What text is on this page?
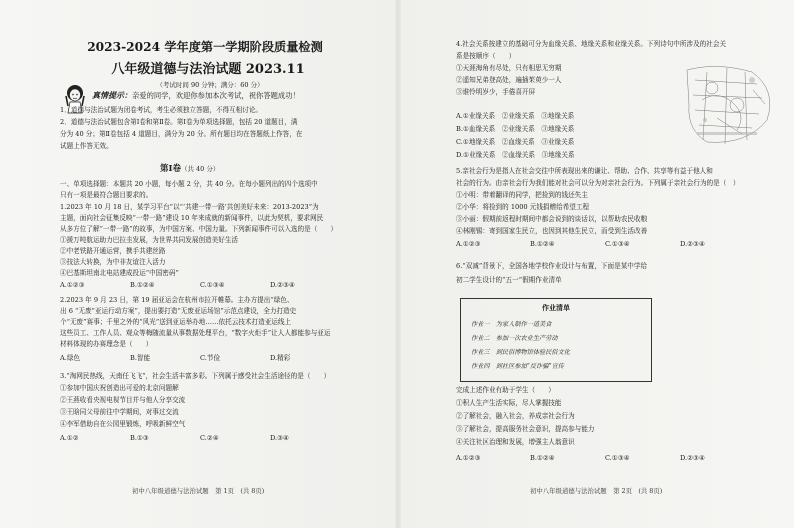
2023-2024 学年度第一学期阶段质量检测
八年级道德与法治试题 2023.11
（考试时间 90 分钟；满分：60 分）
真情提示：亲爱的同学，欢迎你参加本次考试，祝你答题成功！
1．道德与法治试题为闭卷考试，考生必须独立答题，不得互相讨论。
2．道德与法治试题包含第Ⅰ卷和第Ⅱ卷。第Ⅰ卷为单项选择题，包括 20 道题目，满
分为 40 分；第Ⅱ卷包括 4 道题目，满分为 20 分。所有题目均在答题纸上作答，在
试题上作答无效。
第Ⅰ卷（共 40 分）
一、单项选择题：本题共 20 小题，每小题 2 分，共 40 分。在每小题列出的四个选项中
只有一项是最符合题目要求的。
1.2023 年 10 月 18 日，某学习平台”以“‘共建一带一路’共创美好未来：2013-2023”为
主题，面向社会征集反映“一带一路”建设 10 年来成就的新闻事件，以此为契机，要求网民
从多方位了解“一带一路”的故事，为中国方案、中国力量。下列新闻事件可以入选的是（　　）
①援万吨航运助力巴拉圭发展，为世界共同发展创造美好生活
②中老铁路开通运营，携手共建丝路
③技法大转换，为中非友谊注入活力
④巴基斯坦南北电站建成投运“中国密码”
A.①②③	B.①②④	C.①③④	D.②③④
2.2023 年 9 月 23 日，第 19 届亚运会在杭州市拉开帷幕。主办方提出“绿色、
出 6 “无废”亚运行动方案”，提出要打造“无废亚运场馆”示范点建设，全力打造史
个“无废”赛事；千里之外的“风光”送到亚运举办地……依托云技术打造亚运线上
这些员工、工作人员、观众等梅随流量从事数据处理平台，“数字火炬手”让人人都能参与亚运
材料体现的办赛理念是（　　）
A.绿色	B.智能	C.节俭	D.精彩
3.“淘网民热线，天南任飞飞”，社会生活丰富多彩。下列属于感受社会生活途径的是（　　）
①参加中国庆祝创造出可爱的北京问题解
②王燕收看央视电视节目并与他人分享交流
③王晗同父母前往中学期间，对事过交流
④李军借助自在公园里锻炼，呼吸新鲜空气
A.①②	B.①③	C.②④	D.③④
初中八年级道德与法治试题　第 1页　(共 8页)
4.社会关系按建立的基础可分为血缘关系、地缘关系和业缘关系。下列诗句中所涉及的社会关
系是按顺序（　　）
①天涯海角有尽处，只有相思无穷期
②遥知兄弟登高处，遍插茱萸少一人
③谁怜明岁少，手倦喜开屏
A.①业缘关系　②业缘关系　③地缘关系
B.①血缘关系　②业缘关系　③地缘关系
C.①地缘关系　②血缘关系　③业缘关系
D.①业缘关系　②血缘关系　③地缘关系
5.亲社会行为是指人在社会交往中所表现出来的谦让、帮助、合作、共享等有益于他人和
社会的行为。由亲社会行为我们能对社会可以分为对亲社会行为。下列属于亲社会行为的是（　）
①小明：带着翻译的同学，把捡到的钱还失主
②小华：将捡到的 1000 元钱捐赠给希望工程
③小丽：假期前返程时期间中都会说到的谈话以，以帮助农民收粮
④林刚锡：寄到国家生民立，也因到其他生民立，而受到生活改善
A.①②③	B.①②④	C.①③④	D.②③④
6.“双减”背景下，全国各地学校作业设计与布置，下面是某中学给
初二学生设计的“五一”假期作业清单
作业清单
作业一　为家人制作一道美食
作业二　参加一次农业生产劳动
作业三　到民俗博物馆体验民俗文化
作业四　到社区参加“反诈骗”宣传
完成上述作业有助于学生（　　）
①积人生产生活实际，尽人掌握技能
②了解社会，融入社会，养成亲社会行为
③了解社会，提高服务社会意识，提高参与能力
④关注社区治理和发展，增强主人翁意识
A.①②③	B.①②④	C.①③④	D.②③④
初中八年级道德与法治试题　第 2页　(共 8页)
